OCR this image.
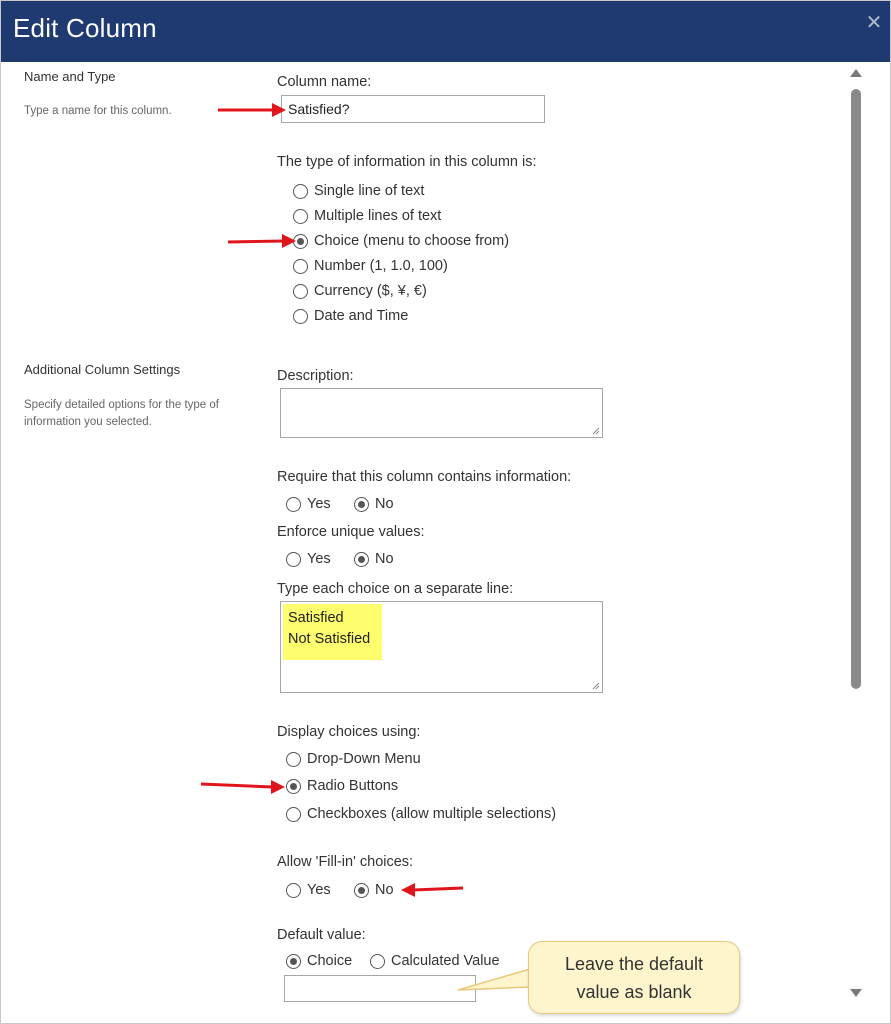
Edit Column	✕
Name and Type
Type a name for this column.
Column name:
Satisfied?
The type of information in this column is:
Single line of text
Multiple lines of text
Choice (menu to choose from)
Number (1, 1.0, 100)
Currency ($, ¥, €)
Date and Time
Additional Column Settings
Specify detailed options for the type of information you selected.
Description:
Require that this column contains information:
Yes	No
Enforce unique values:
Yes	No
Type each choice on a separate line:
Satisfied
Not Satisfied
Display choices using:
Drop-Down Menu
Radio Buttons
Checkboxes (allow multiple selections)
Allow 'Fill-in' choices:
Yes	No
Default value:
Choice	Calculated Value	Leave the default
value as blank
